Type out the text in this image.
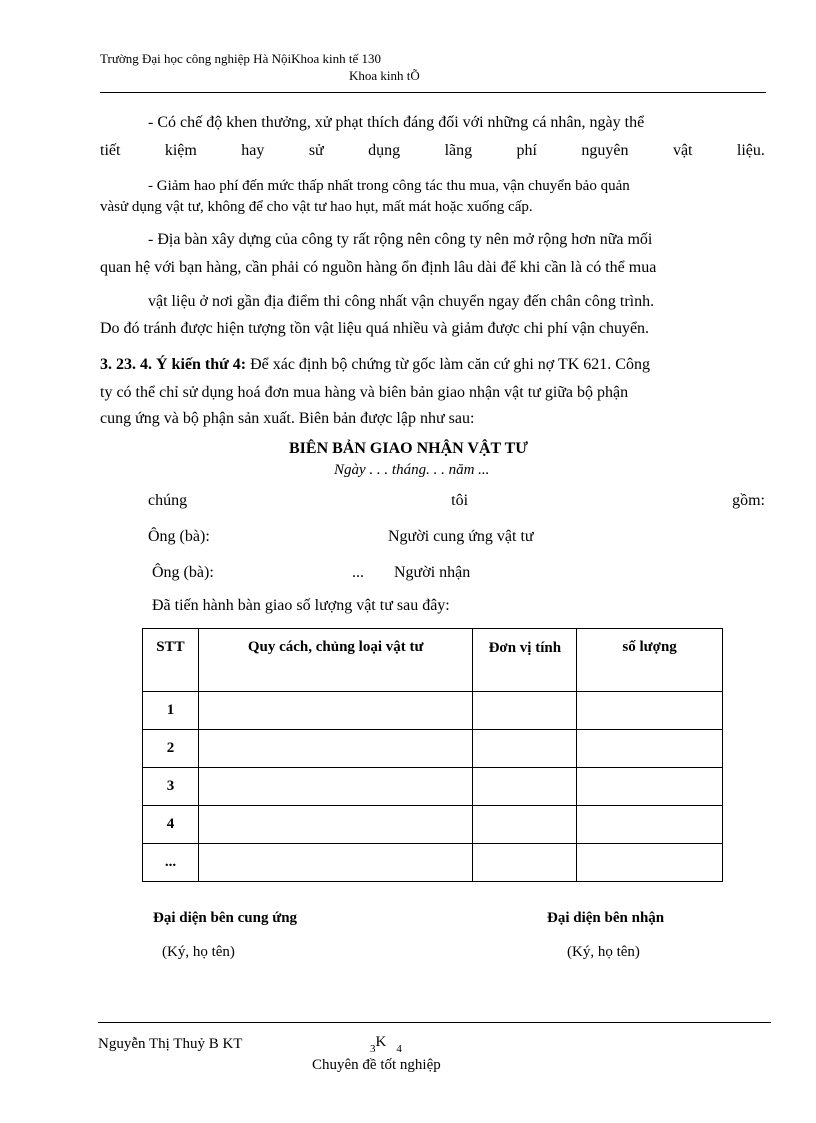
Trường Đại học công nghiệp Hà NộiKhoa kinh tế 130
Khoa kinh tÕ
- Có chế độ khen thưởng, xử phạt thích đáng đối với những cá nhân, ngày thể
tiết	kiệm	hay	sử	dụng	lãng	phí	nguyên	vật	liệu.
- Giảm hao phí đến mức thấp nhất trong công tác thu mua, vận chuyển bảo quản
vàsử dụng vật tư, không để cho vật tư hao hụt, mất mát hoặc xuống cấp.
- Địa bàn xây dựng của công ty rất rộng nên công ty nên mở rộng hơn nữa mối
quan hệ với bạn hàng, cần phải có nguồn hàng ổn định lâu dài để khi cần là có thể mua
vật liệu ở nơi gần địa điểm thi công nhất vận chuyển ngay đến chân công trình.
Do đó tránh được hiện tượng tồn vật liệu quá nhiều và giảm được chi phí vận chuyển.
3. 23. 4. Ý kiến thứ 4: Để xác định bộ chứng từ gốc làm căn cứ ghi nợ TK 621. Công
ty có thể chỉ sử dụng hoá đơn mua hàng và biên bản giao nhận vật tư giữa bộ phận
cung ứng và bộ phận sản xuất. Biên bản được lập như sau:
BIÊN BẢN GIAO NHẬN VẬT TƯ
Ngày . . . tháng. . . năm ...
chúng	tôi	gồm:
Ông (bà):	Người cung ứng vật tư
Ông (bà):	... Người nhận
Đã tiến hành bàn giao số lượng vật tư sau đây:
STT	Quy cách, chủng loại vật tư	Đơn vị tính	số lượng
1			
2			
3			
4			
...			
Đại diện bên cung ứng
(Ký, họ tên)
Đại diện bên nhận
(Ký, họ tên)
Nguyễn Thị Thuỷ B KT	$_3$K $_4$
Chuyên đề tốt nghiệp
